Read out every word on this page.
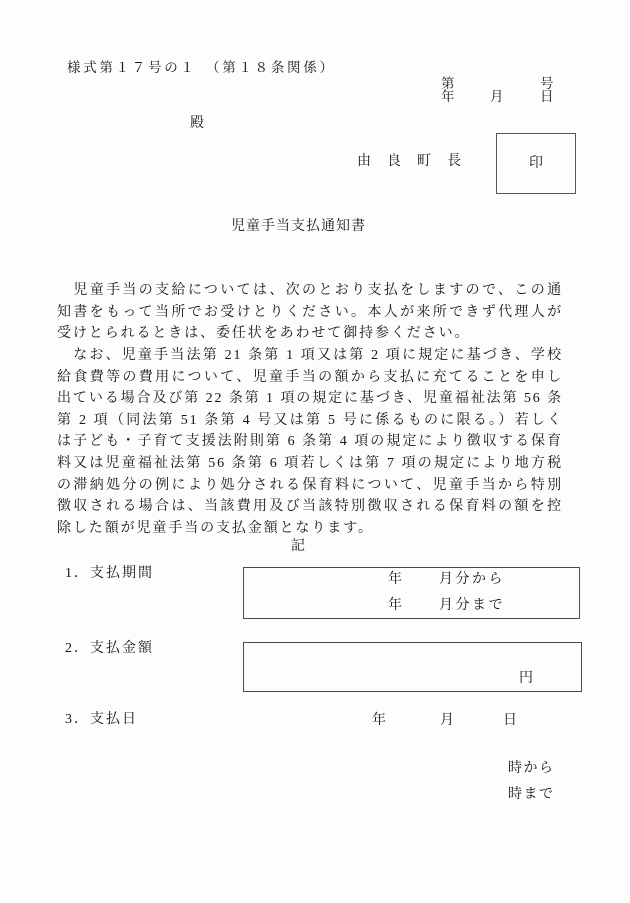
様式第１７号の１　（第１８条関係）
第	号
年	月	日
殿
由良町長	印
児童手当支払通知書
　児童手当の支給については、次のとおり支払をしますので、この通
知書をもって当所でお受けとりください。本人が来所できず代理人が
受けとられるときは、委任状をあわせて御持参ください。
　なお、児童手当法第 21 条第 1 項又は第 2 項に規定に基づき、学校
給食費等の費用について、児童手当の額から支払に充てることを申し
出ている場合及び第 22 条第 1 項の規定に基づき、児童福祉法第 56 条
第 2 項（同法第 51 条第 4 号又は第 5 号に係るものに限る。）若しく
は子ども・子育て支援法附則第 6 条第 4 項の規定により徴収する保育
料又は児童福祉法第 56 条第 6 項若しくは第 7 項の規定により地方税
の滞納処分の例により処分される保育料について、児童手当から特別
徴収される場合は、当該費用及び当該特別徴収される保育料の額を控
除した額が児童手当の支払金額となります。
記
1．支払期間	年	月分から
年	月分まで
2．支払金額
円
3．支払日	年	月	日
時から
時まで
